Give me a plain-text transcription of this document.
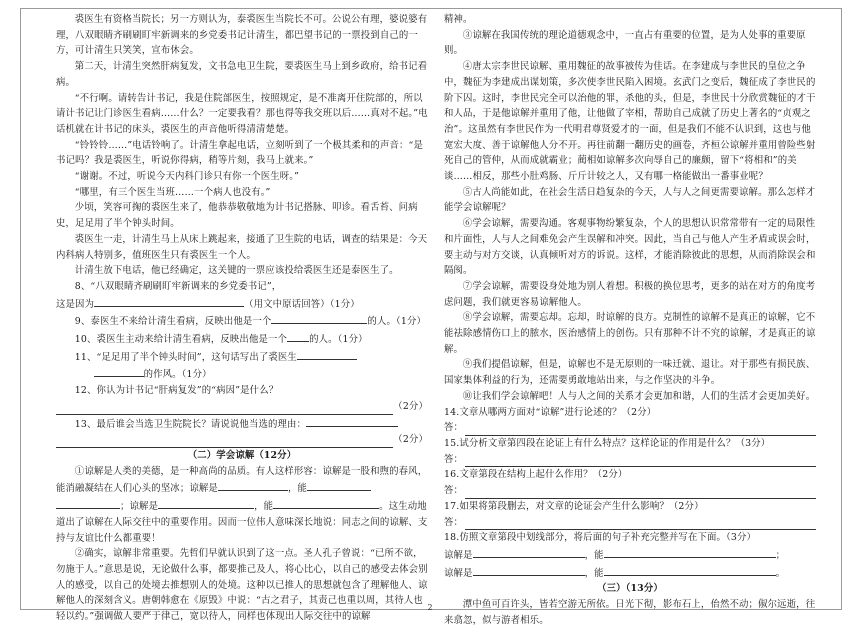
裘医生有资格当院长；另一方则认为，泰裘医生当院长不可。公说公有理，婆说婆有理，八双眼睛齐刷刷盯牢新调来的乡党委书记计清生，都巴望书记的一票投到自己的一方，可计清生只笑笑，宣布休会。

第二天，计清生突然肝病复发，文书急电卫生院，要裘医生马上到乡政府，给书记看病。

“不行啊。请转告计书记，我是住院部医生，按照规定，是不准离开住院部的，所以请计书记让门诊医生看病……什么？一定要我看？那也得等我交班以后……真对不起。”电话机就在计书记的床头，裘医生的声音他听得清清楚楚。

“铃铃铃……”电话铃响了。计清生拿起电话，立刻听到了一个极其柔和的声音：“是书记吗？我是裘医生，听说你得病，稍等片刻，我马上就来。”

“谢谢。不过，听说今天内科门诊只有你一个医生呀。”

“哪里，有三个医生当班……一个病人也没有。”

少顷，笑容可掬的裘医生来了，他恭恭敬敬地为计书记搭脉、叩诊。看舌苔、问病史，足足用了半个钟头时间。

裘医生一走，计清生马上从床上跳起来，接通了卫生院的电话，调查的结果是：今天内科病人特别多，值班医生只有裘医生一个人。

计清生放下电话，他已经确定，这关键的一票应该投给裘医生还是泰医生了。

8、“八双眼睛齐刷刷盯牢新调来的乡党委书记”，

这是因为	（用文中原话回答）（1分）

9、泰医生不来给计清生看病，反映出他是一个	的人。（1分）

10、裘医生主动来给计清生看病，反映出他是一个 的人。（1分）

11、“足足用了半个钟头时间”，这句话写出了裘医生

的作风。（1分）

12、你认为计书记“肝病复发”的“病因”是什么？

（2分）

13、最后谁会当选卫生院院长？请说说他当选的理由：

（2分）

（二）学会谅解（12分）

①谅解是人类的美德，是一种高尚的品质。有人这样形容：谅解是一股和煦的春风，能消融凝结在人们心头的坚冰；谅解是	，能
；谅解是	，能	。这生动地道出了谅解在人际交往中的重要作用。因而一位伟人意味深长地说：同志之间的谅解、支持与友谊比什么都重要！

②确实，谅解非常重要。先哲们早就认识到了这一点。圣人孔子曾说：“已所不欲，勿施于人。”意思是说，无论做什么事，都要推己及人，将心比心，以自己的感受去体会别人的感受，以自己的处境去推想别人的处境。这种以已推人的思想就包含了理解他人、谅解他人的深刻含义。唐朝韩愈在《原毁》中说：“古之君子，其责己也重以周，其待人也轻以约。”强调做人要严于律己，宽以待人，同样也体现出人际交往中的谅解

精神。

③谅解在我国传统的理论道德观念中，一直占有重要的位置，是为人处事的重要原则。

④唐太宗李世民谅解、重用魏征的故事被传为佳话。在李建成与李世民的皇位之争中，魏征为李建成出谋划策，多次使李世民陷入困境。玄武门之变后，魏征成了李世民的阶下囚。这时，李世民完全可以治他的罪，杀他的头，但是，李世民十分欣赏魏征的才干和人品，于是他谅解并重用了他，让他做了宰相，帮助自己成就了历史上著名的“贞观之治”。这虽然有李世民作为一代明君尊贤爱才的一面，但是我们不能不认识到，这也与他宽宏大度、善于谅解他人分不开。再往前翻一翻历史的画卷，齐桓公谅解并重用曾险些射死自己的管仲，从而成就霸业；蔺相如谅解多次向辱自己的廉颇，留下“将相和”的美谈……相反，那些小肚鸡肠、斤斤计较之人，又有哪一格能做出一番事业呢？

⑤古人尚能如此，在社会生活日趋复杂的今天，人与人之间更需要谅解。那么怎样才能学会谅解呢？

⑥学会谅解，需要沟通。客观事物纷繁复杂，个人的思想认识常常带有一定的局限性和片面性，人与人之间难免会产生误解和冲突。因此，当自己与他人产生矛盾或误会时，要主动与对方交谈，认真倾听对方的诉说。这样，才能消除彼此的思想，从而消除误会和隔阂。

⑦学会谅解，需要设身处地为别人着想。积极的换位思考，更多的站在对方的角度考虑问题，我们就更容易谅解他人。

⑧学会谅解，需要忘却。忘却，时谅解的良方。克制性的谅解不是真正的谅解，它不能祛除感情伤口上的脓水，医治感情上的创伤。只有那种不计不究的谅解，才是真正的谅解。

⑨我们提倡谅解，但是，谅解也不是无原则的一味迁就、退让。对于那些有损民族、国家集体利益的行为，还需要勇敢地站出来，与之作坚决的斗争。

⑩让我们学会谅解吧！人与人之间的关系才会更加和谐，人们的生活才会更加美好。

14.文章从哪两方面对“谅解”进行论述的？（2分）

答：

15.试分析文章第四段在论证上有什么特点？这样论证的作用是什么？（3分）

答：

16.文章第段在结构上起什么作用？（2分）

答：

17.如果将第段删去，对文章的论证会产生什么影响？（2分）

答：

18.仿照文章第段中划线部分，将后面的句子补充完整并写在下面。（3分）

谅解是	，能	；

谅解是	，能	。

（三）（13分）

潭中鱼可百许头，皆若空游无所依。日光下彻，影布石上，佁然不动；俶尔远逝，往来翕忽，似与游者相乐。

2
